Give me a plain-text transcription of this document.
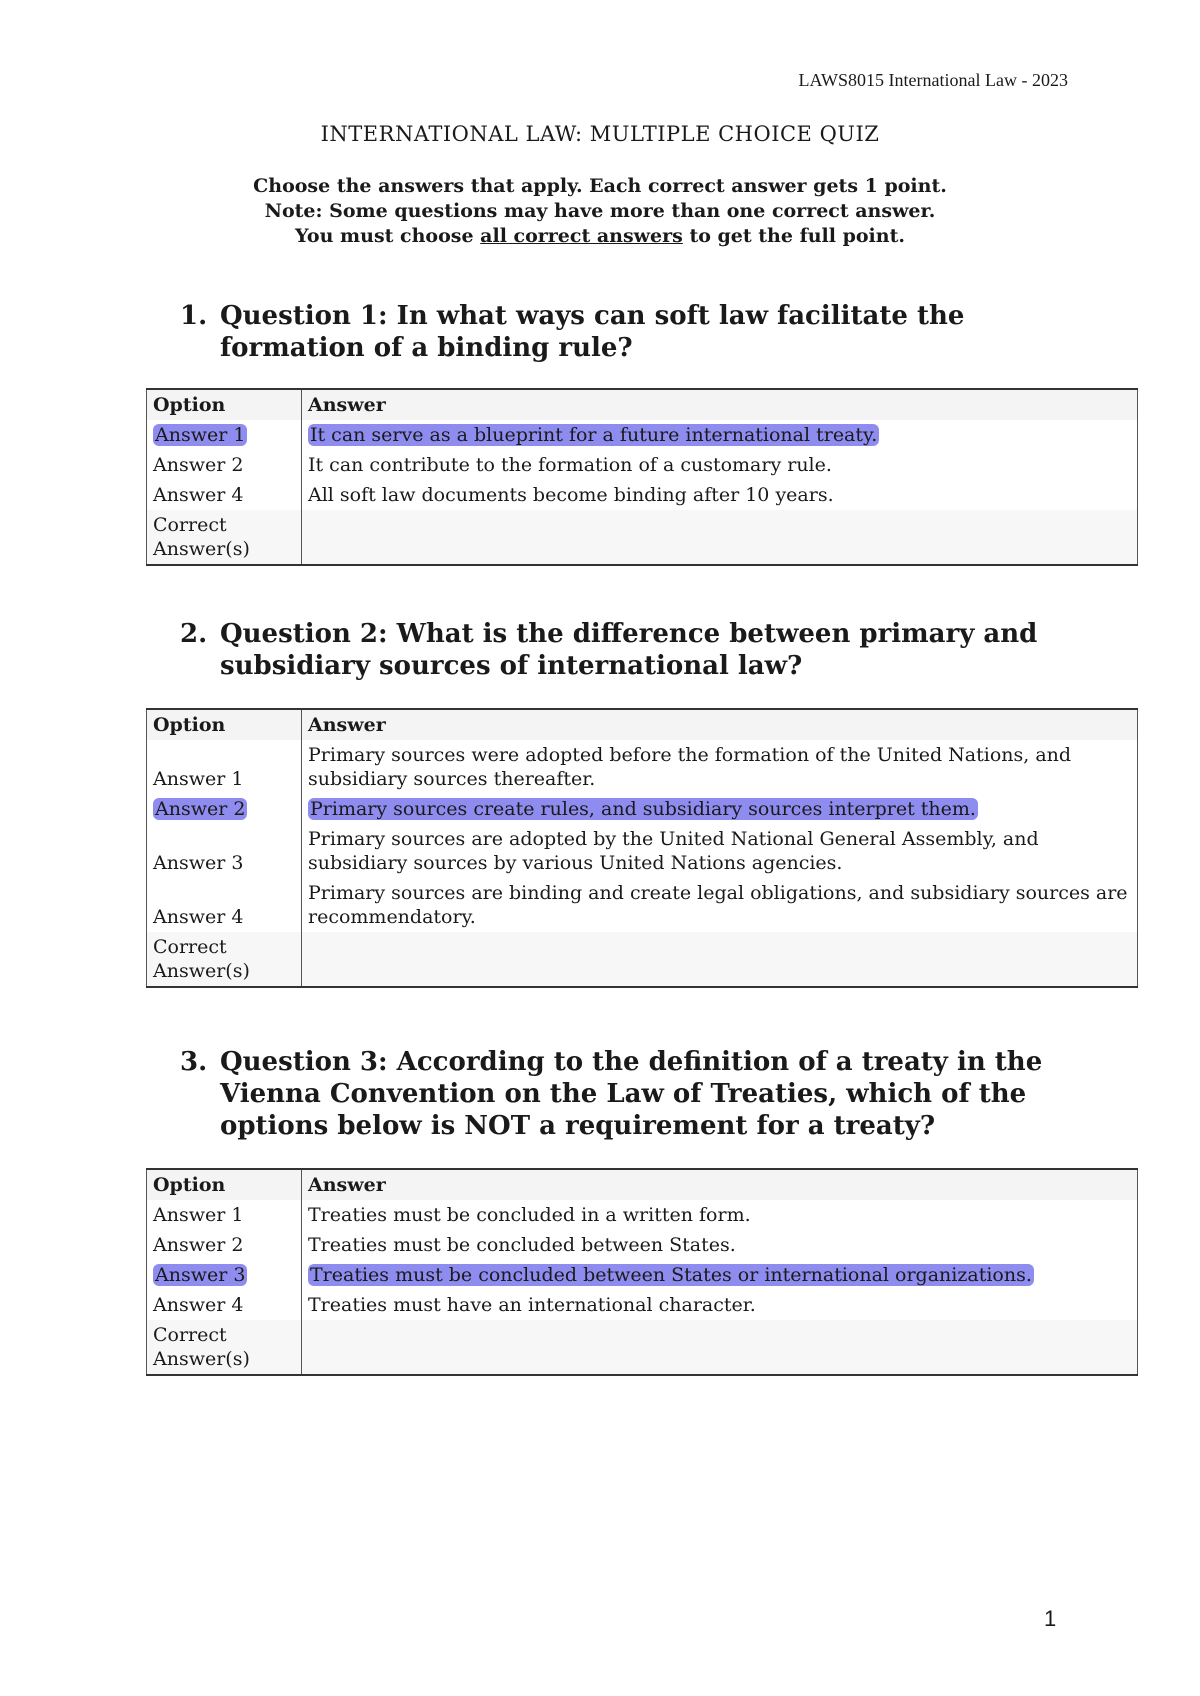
LAWS8015 International Law - 2023
INTERNATIONAL LAW: MULTIPLE CHOICE QUIZ
Choose the answers that apply. Each correct answer gets 1 point.
Note: Some questions may have more than one correct answer.
You must choose all correct answers to get the full point.
1. Question 1: In what ways can soft law facilitate the formation of a binding rule?
Option	Answer
Answer 1	It can serve as a blueprint for a future international treaty.
Answer 2	It can contribute to the formation of a customary rule.
Answer 4	All soft law documents become binding after 10 years.
Correct Answer(s)	
2. Question 2: What is the difference between primary and subsidiary sources of international law?
Option	Answer
Answer 1	Primary sources were adopted before the formation of the United Nations, and subsidiary sources thereafter.
Answer 2	Primary sources create rules, and subsidiary sources interpret them.
Answer 3	Primary sources are adopted by the United National General Assembly, and subsidiary sources by various United Nations agencies.
Answer 4	Primary sources are binding and create legal obligations, and subsidiary sources are recommendatory.
Correct Answer(s)	
3. Question 3: According to the definition of a treaty in the Vienna Convention on the Law of Treaties, which of the options below is NOT a requirement for a treaty?
Option	Answer
Answer 1	Treaties must be concluded in a written form.
Answer 2	Treaties must be concluded between States.
Answer 3	Treaties must be concluded between States or international organizations.
Answer 4	Treaties must have an international character.
Correct Answer(s)	
1
